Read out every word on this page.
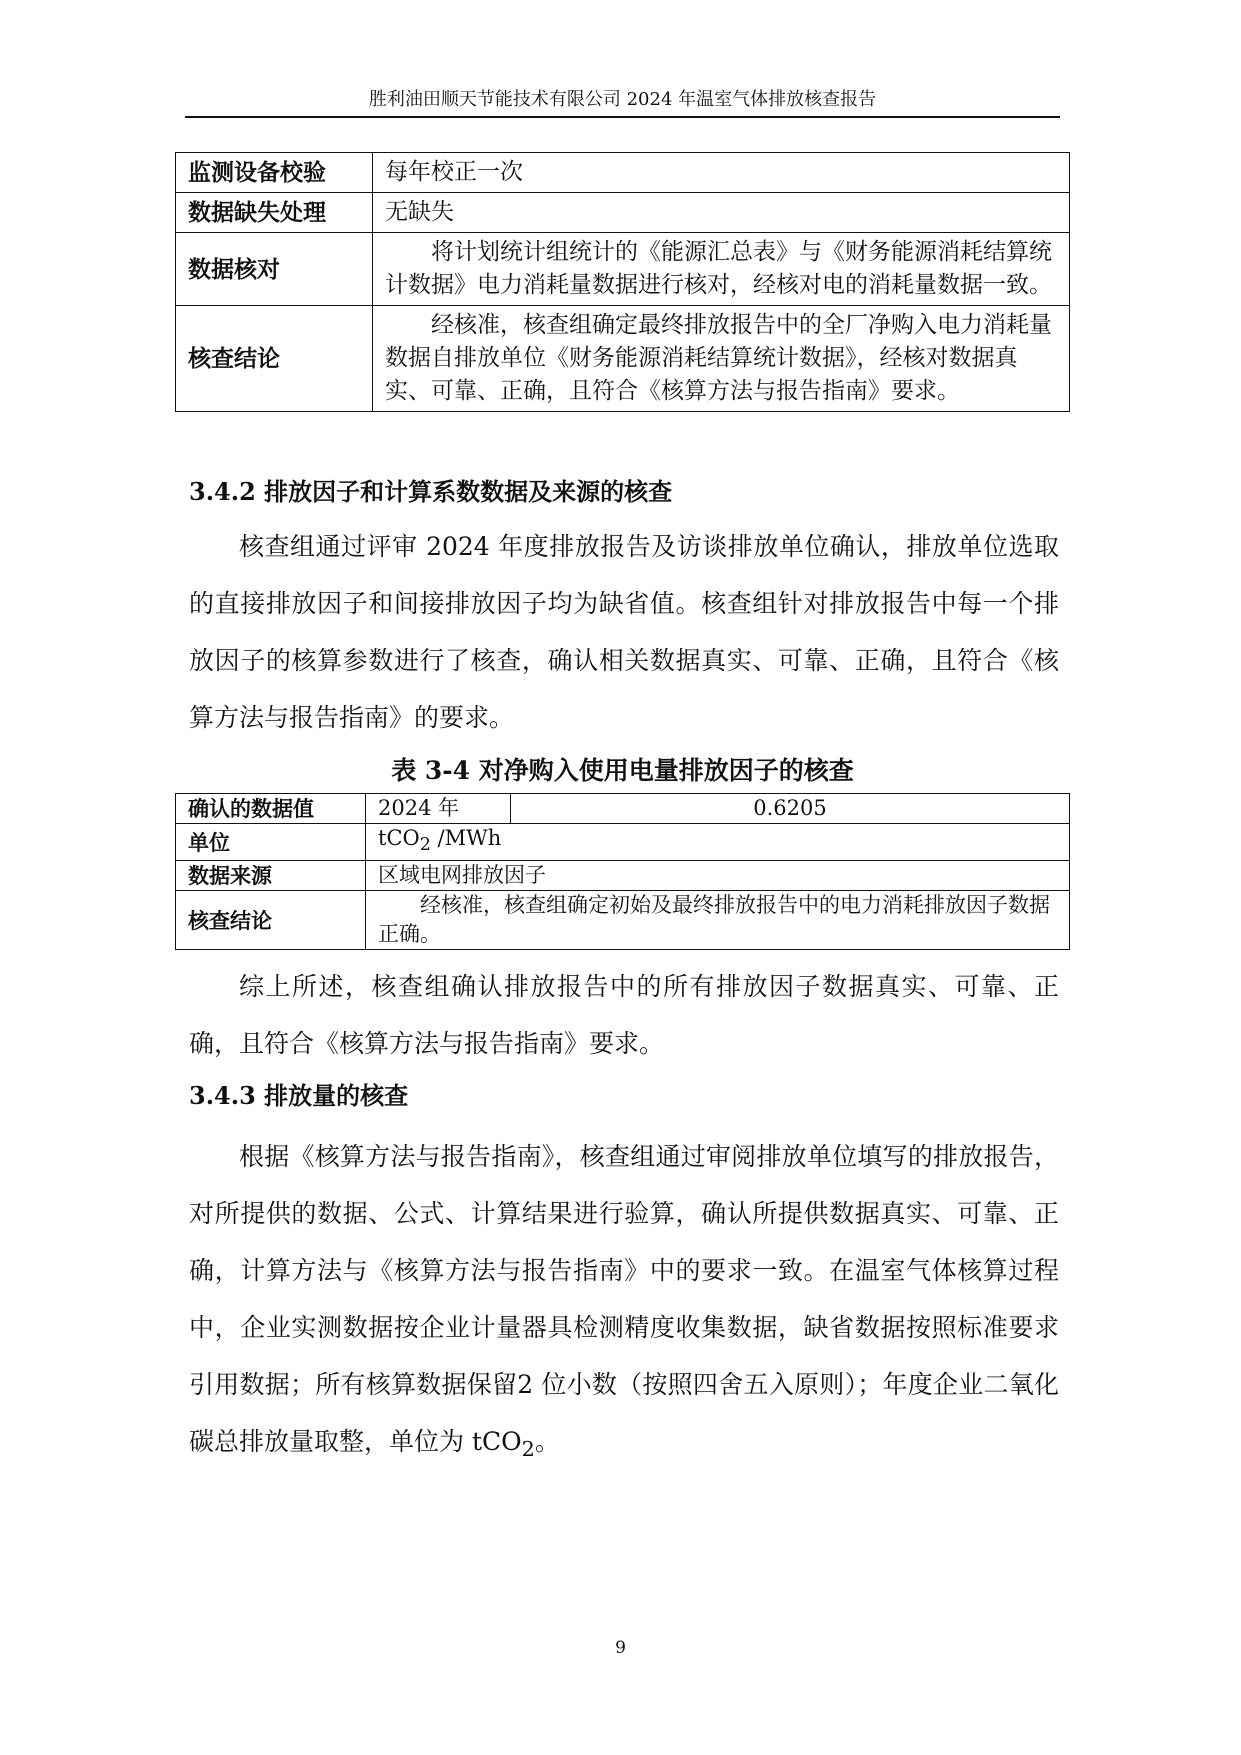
胜利油田顺天节能技术有限公司 2024 年温室气体排放核查报告
监测设备校验	每年校正一次
数据缺失处理	无缺失
数据核对	将计划统计组统计的《能源汇总表》与《财务能源消耗结算统计数据》电力消耗量数据进行核对，经核对电的消耗量数据一致。
核查结论	经核准，核查组确定最终排放报告中的全厂净购入电力消耗量数据自排放单位《财务能源消耗结算统计数据》，经核对数据真实、可靠、正确，且符合《核算方法与报告指南》要求。
3.4.2 排放因子和计算系数数据及来源的核查
核查组通过评审 2024 年度排放报告及访谈排放单位确认，排放单位选取的直接排放因子和间接排放因子均为缺省值。核查组针对排放报告中每一个排放因子的核算参数进行了核查，确认相关数据真实、可靠、正确，且符合《核算方法与报告指南》的要求。
表 3-4 对净购入使用电量排放因子的核查
确认的数据值	2024 年	0.6205
单位	tCO$_2$ /MWh	
数据来源	区域电网排放因子	
核查结论	经核准，核查组确定初始及最终排放报告中的电力消耗排放因子数据正确。	
综上所述，核查组确认排放报告中的所有排放因子数据真实、可靠、正确，且符合《核算方法与报告指南》要求。
3.4.3 排放量的核查
根据《核算方法与报告指南》，核查组通过审阅排放单位填写的排放报告，对所提供的数据、公式、计算结果进行验算，确认所提供数据真实、可靠、正确，计算方法与《核算方法与报告指南》中的要求一致。在温室气体核算过程中，企业实测数据按企业计量器具检测精度收集数据，缺省数据按照标准要求引用数据；所有核算数据保留2 位小数（按照四舍五入原则）；年度企业二氧化碳总排放量取整，单位为 tCO$_2$。
9
